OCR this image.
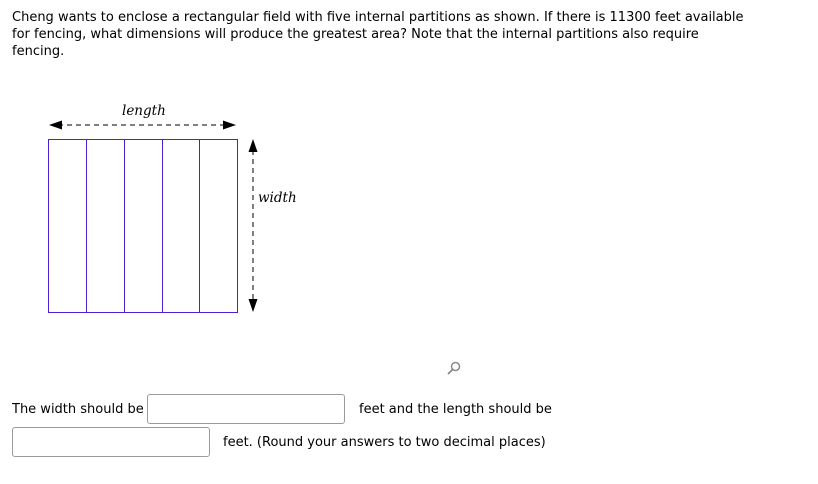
Cheng wants to enclose a rectangular field with five internal partitions as shown. If there is 11300 feet available for fencing, what dimensions will produce the greatest area? Note that the internal partitions also require fencing.

length
width
The width should be	feet and the length should be
feet. (Round your answers to two decimal places)
